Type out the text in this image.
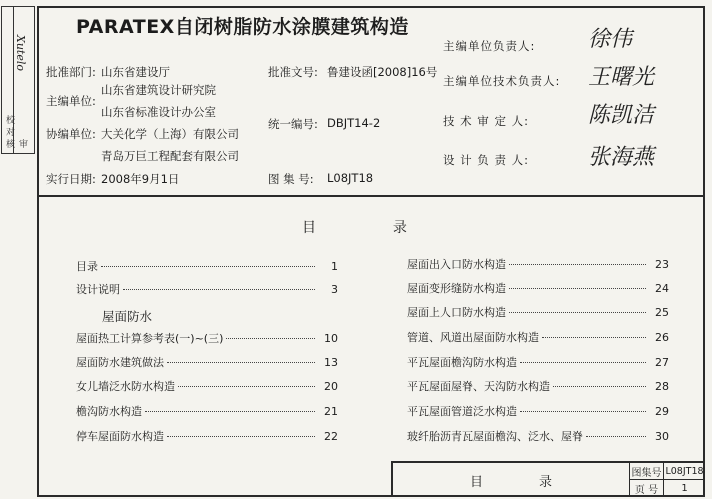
Xutelo
校 对
审 核
PARATEX自闭树脂防水涂膜建筑构造
批准部门: 山东省建设厅	批准文号: 鲁建设函[2008]16号
主编单位:
山东省建筑设计研究院
山东省标准设计办公室
统一编号: DBJT14-2
协编单位: 大关化学（上海）有限公司
青岛万巨工程配套有限公司
实行日期: 2008年9月1日	图 集 号: L08JT18
主编单位负责人: 徐伟
主编单位技术负责人: 王曙光
技 术 审 定 人:	陈凯洁
设 计 负 责 人:	张海燕
目	录
目录	1
设计说明	3
屋面防水
屋面热工计算参考表(一)~(三)	10
屋面防水建筑做法	13
女儿墙泛水防水构造	20
檐沟防水构造	21
停车屋面防水构造	22
屋面出入口防水构造	23
屋面变形缝防水构造	24
屋面上人口防水构造	25
管道、风道出屋面防水构造	26
平瓦屋面檐沟防水构造	27
平瓦屋面屋脊、天沟防水构造	28
平瓦屋面管道泛水构造	29
玻纤胎沥青瓦屋面檐沟、泛水、屋脊	30
目	录
图集号 L08JT18
页 号	1
